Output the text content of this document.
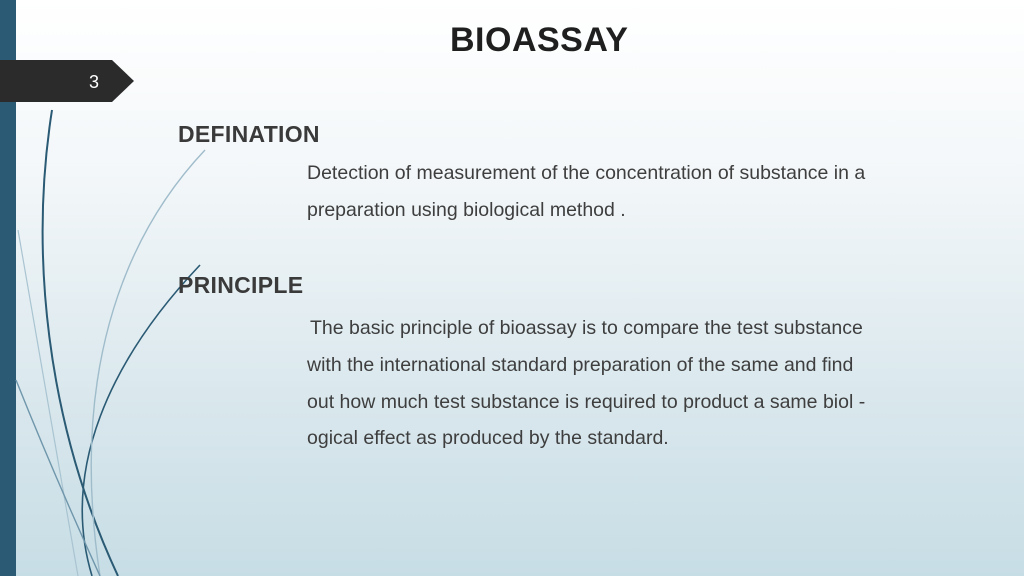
3
BIOASSAY
DEFINATION
Detection of measurement of the concentration of substance in a
preparation using biological method .
PRINCIPLE
The basic principle of bioassay is to compare the test substance
with the international standard preparation of the same and find
out how much test substance is required to product a same biol -
ogical effect as produced by the standard.
